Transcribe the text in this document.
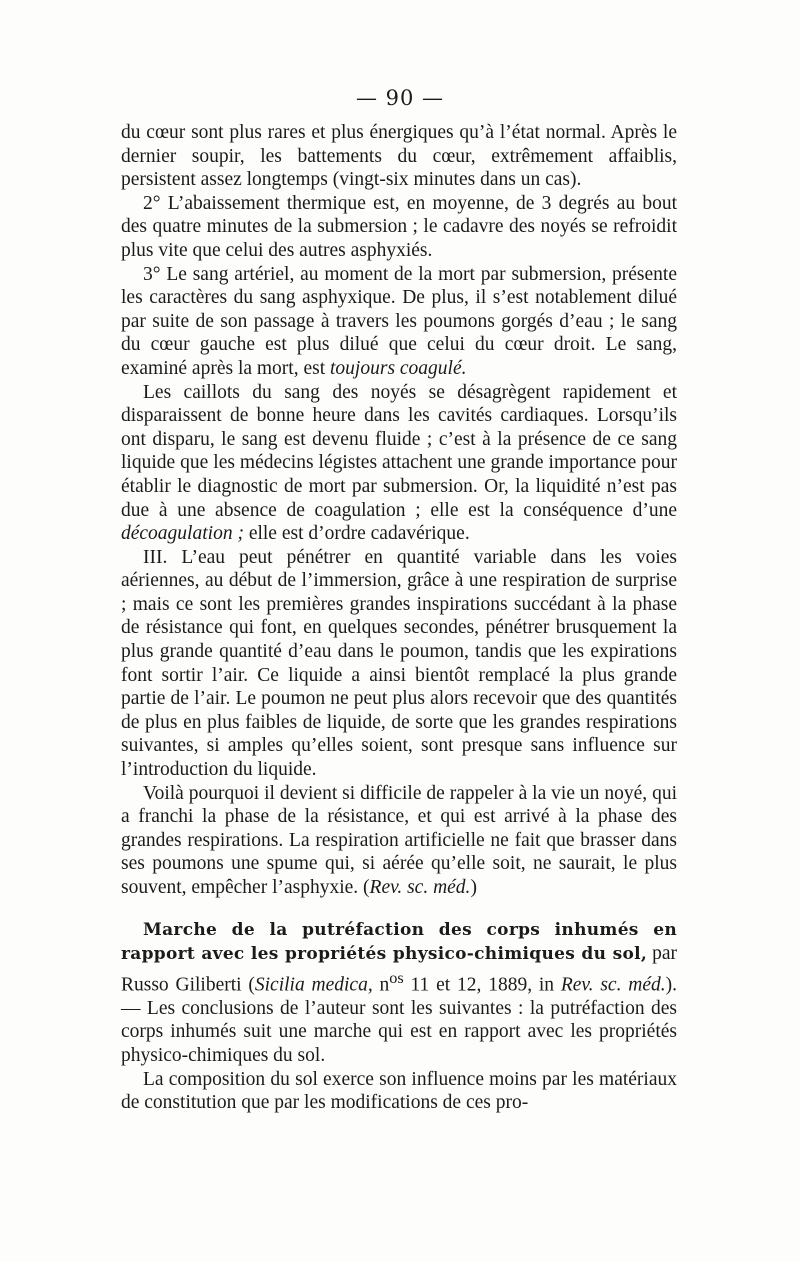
— 90 —

du cœur sont plus rares et plus énergiques qu’à l’état normal. Après le dernier soupir, les battements du cœur, extrêmement affaiblis, persistent assez longtemps (vingt-six minutes dans un cas).

2° L’abaissement thermique est, en moyenne, de 3 degrés au bout des quatre minutes de la submersion ; le cadavre des noyés se refroidit plus vite que celui des autres asphyxiés.

3° Le sang artériel, au moment de la mort par submersion, présente les caractères du sang asphyxique. De plus, il s’est notablement dilué par suite de son passage à travers les poumons gorgés d’eau ; le sang du cœur gauche est plus dilué que celui du cœur droit. Le sang, examiné après la mort, est toujours coagulé.

Les caillots du sang des noyés se désagrègent rapidement et disparaissent de bonne heure dans les cavités cardiaques. Lorsqu’ils ont disparu, le sang est devenu fluide ; c’est à la présence de ce sang liquide que les médecins légistes attachent une grande importance pour établir le diagnostic de mort par submersion. Or, la liquidité n’est pas due à une absence de coagulation ; elle est la conséquence d’une décoagulation ; elle est d’ordre cadavérique.

III. L’eau peut pénétrer en quantité variable dans les voies aériennes, au début de l’immersion, grâce à une respiration de surprise ; mais ce sont les premières grandes inspirations succédant à la phase de résistance qui font, en quelques secondes, pénétrer brusquement la plus grande quantité d’eau dans le poumon, tandis que les expirations font sortir l’air. Ce liquide a ainsi bientôt remplacé la plus grande partie de l’air. Le poumon ne peut plus alors recevoir que des quantités de plus en plus faibles de liquide, de sorte que les grandes respirations suivantes, si amples qu’elles soient, sont presque sans influence sur l’introduction du liquide.

Voilà pourquoi il devient si difficile de rappeler à la vie un noyé, qui a franchi la phase de la résistance, et qui est arrivé à la phase des grandes respirations. La respiration artificielle ne fait que brasser dans ses poumons une spume qui, si aérée qu’elle soit, ne saurait, le plus souvent, empêcher l’asphyxie. (Rev. sc. méd.)

Marche de la putréfaction des corps inhumés en rapport avec les propriétés physico-chimiques du sol, par Russo Giliberti (Sicilia medica, $n^{os}$ 11 et 12, 1889, in Rev. sc. méd.). — Les conclusions de l’auteur sont les suivantes : la putréfaction des corps inhumés suit une marche qui est en rapport avec les propriétés physico-chimiques du sol.

La composition du sol exerce son influence moins par les matériaux de constitution que par les modifications de ces pro-
